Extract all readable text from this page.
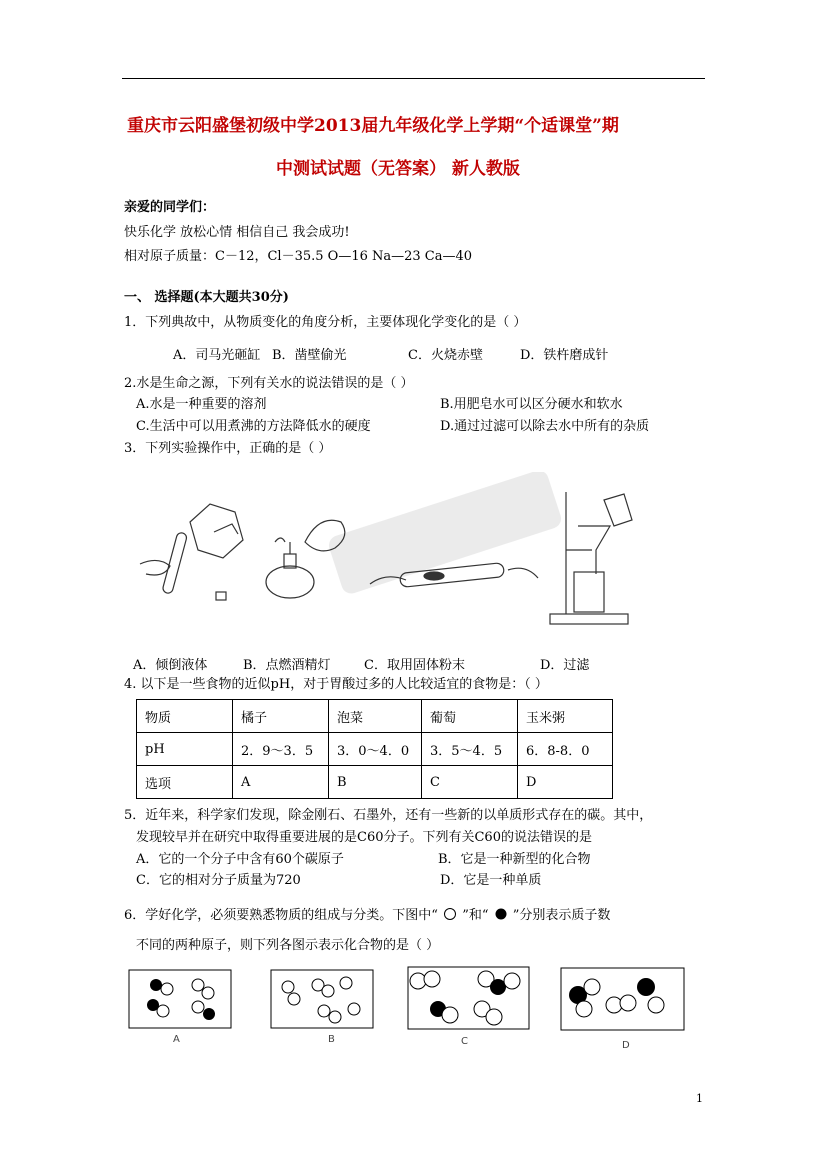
重庆市云阳盛堡初级中学2013届九年级化学上学期“个适课堂”期
中测试试题（无答案） 新人教版
亲爱的同学们：
快乐化学 放松心情 相信自己 我会成功!
相对原子质量：C－12，Cl－35.5 O—16 Na—23 Ca—40
一、 选择题(本大题共30分)
1．下列典故中，从物质变化的角度分析，主要体现化学变化的是（ ）
A．司马光砸缸 B．凿壁偷光	C．火烧赤壁	D．铁杵磨成针
2.水是生命之源，下列有关水的说法错误的是（ ）
A.水是一种重要的溶剂	B.用肥皂水可以区分硬水和软水
C.生活中可以用煮沸的方法降低水的硬度	D.通过过滤可以除去水中所有的杂质
3．下列实验操作中，正确的是（ ）
A．倾倒液体	B．点燃酒精灯	C．取用固体粉末	D．过滤
4. 以下是一些食物的近似pH，对于胃酸过多的人比较适宜的食物是：（ ）
物质	橘子	泡菜	葡萄	玉米粥
pH	2．9～3．5	3．0～4．0	3．5～4．5	6．8-8．0
选项	A	B	C	D
5．近年来，科学家们发现，除金刚石、石墨外，还有一些新的以单质形式存在的碳。其中，
发现较早并在研究中取得重要进展的是C60分子。下列有关C60的说法错误的是
A．它的一个分子中含有60个碳原子	B．它是一种新型的化合物
C．它的相对分子质量为720	D．它是一种单质
6．学好化学，必须要熟悉物质的组成与分类。下图中“ ”和“ ”分别表示质子数
不同的两种原子，则下列各图示表示化合物的是（ ）
A	B	C	D
1
